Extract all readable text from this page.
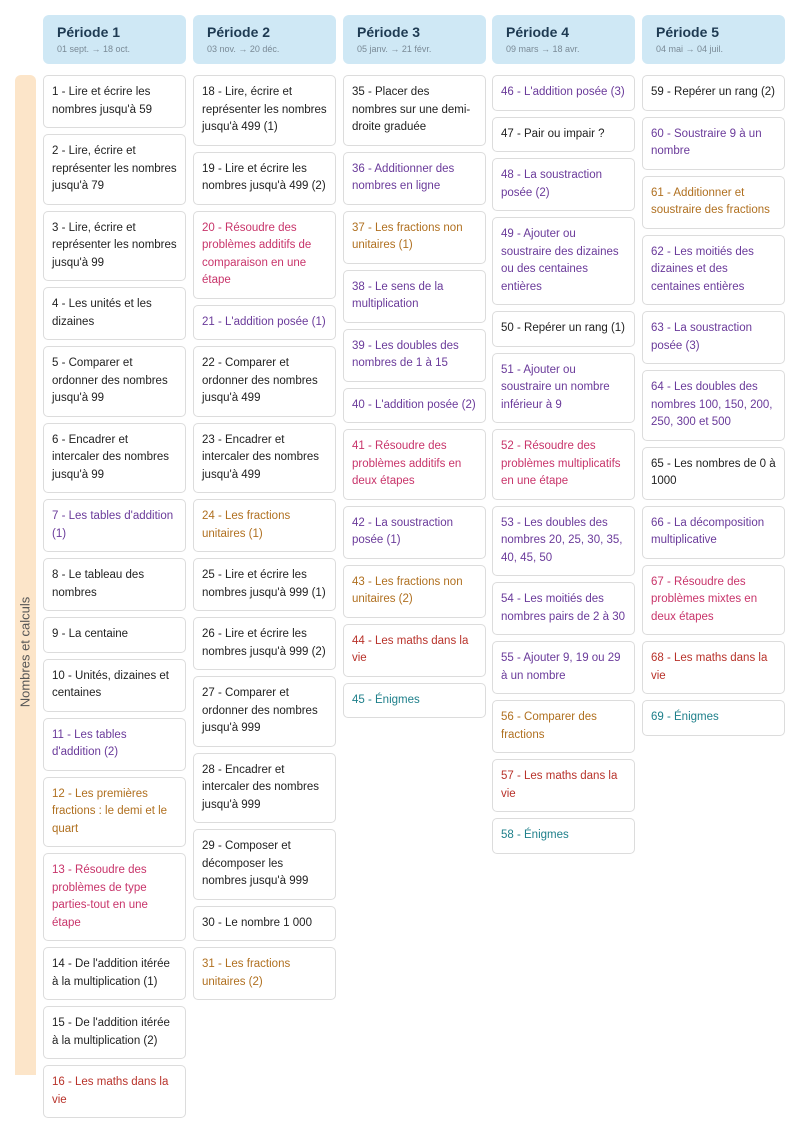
Nombres et calculs
Période 1
01 sept. → 18 oct.
1 - Lire et écrire les nombres jusqu'à 59
2 - Lire, écrire et représenter les nombres jusqu'à 79
3 - Lire, écrire et représenter les nombres jusqu'à 99
4 - Les unités et les dizaines
5 - Comparer et ordonner des nombres jusqu'à 99
6 - Encadrer et intercaler des nombres jusqu'à 99
7 - Les tables d'addition (1)
8 - Le tableau des nombres
9 - La centaine
10 - Unités, dizaines et centaines
11 - Les tables d'addition (2)
12 - Les premières fractions : le demi et le quart
13 - Résoudre des problèmes de type parties-tout en une étape
14 - De l'addition itérée à la multiplication (1)
15 - De l'addition itérée à la multiplication (2)
16 - Les maths dans la vie
Période 2
03 nov. → 20 déc.
18 - Lire, écrire et représenter les nombres jusqu'à 499 (1)
19 - Lire et écrire les nombres jusqu'à 499 (2)
20 - Résoudre des problèmes additifs de comparaison en une étape
21 - L'addition posée (1)
22 - Comparer et ordonner des nombres jusqu'à 499
23 - Encadrer et intercaler des nombres jusqu'à 499
24 - Les fractions unitaires (1)
25 - Lire et écrire les nombres jusqu'à 999 (1)
26 - Lire et écrire les nombres jusqu'à 999 (2)
27 - Comparer et ordonner des nombres jusqu'à 999
28 - Encadrer et intercaler des nombres jusqu'à 999
29 - Composer et décomposer les nombres jusqu'à 999
30 - Le nombre 1 000
31 - Les fractions unitaires (2)
Période 3
05 janv. → 21 févr.
35 - Placer des nombres sur une demi-droite graduée
36 - Additionner des nombres en ligne
37 - Les fractions non unitaires (1)
38 - Le sens de la multiplication
39 - Les doubles des nombres de 1 à 15
40 - L'addition posée (2)
41 - Résoudre des problèmes additifs en deux étapes
42 - La soustraction posée (1)
43 - Les fractions non unitaires (2)
44 - Les maths dans la vie
45 - Énigmes
Période 4
09 mars → 18 avr.
46 - L'addition posée (3)
47 - Pair ou impair ?
48 - La soustraction posée (2)
49 - Ajouter ou soustraire des dizaines ou des centaines entières
50 - Repérer un rang (1)
51 - Ajouter ou soustraire un nombre inférieur à 9
52 - Résoudre des problèmes multiplicatifs en une étape
53 - Les doubles des nombres 20, 25, 30, 35, 40, 45, 50
54 - Les moitiés des nombres pairs de 2 à 30
55 - Ajouter 9, 19 ou 29 à un nombre
56 - Comparer des fractions
57 - Les maths dans la vie
58 - Énigmes
Période 5
04 mai → 04 juil.
59 - Repérer un rang (2)
60 - Soustraire 9 à un nombre
61 - Additionner et soustraire des fractions
62 - Les moitiés des dizaines et des centaines entières
63 - La soustraction posée (3)
64 - Les doubles des nombres 100, 150, 200, 250, 300 et 500
65 - Les nombres de 0 à 1000
66 - La décomposition multiplicative
67 - Résoudre des problèmes mixtes en deux étapes
68 - Les maths dans la vie
69 - Énigmes
